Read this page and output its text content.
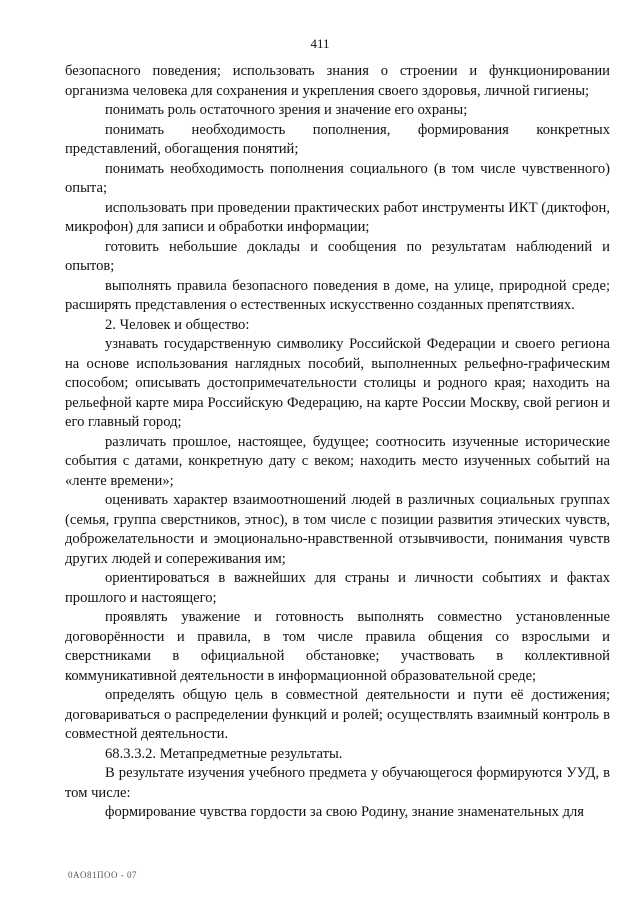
411

безопасного поведения; использовать знания о строении и функционировании организма человека для сохранения и укрепления своего здоровья, личной гигиены;

понимать роль остаточного зрения и значение его охраны;

понимать необходимость пополнения, формирования конкретных представлений, обогащения понятий;

понимать необходимость пополнения социального (в том числе чувственного) опыта;

использовать при проведении практических работ инструменты ИКТ (диктофон, микрофон) для записи и обработки информации;

готовить небольшие доклады и сообщения по результатам наблюдений и опытов;

выполнять правила безопасного поведения в доме, на улице, природной среде; расширять представления о естественных искусственно созданных препятствиях.

2. Человек и общество:

узнавать государственную символику Российской Федерации и своего региона на основе использования наглядных пособий, выполненных рельефно-графическим способом; описывать достопримечательности столицы и родного края; находить на рельефной карте мира Российскую Федерацию, на карте России Москву, свой регион и его главный город;

различать прошлое, настоящее, будущее; соотносить изученные исторические события с датами, конкретную дату с веком; находить место изученных событий на «ленте времени»;

оценивать характер взаимоотношений людей в различных социальных группах (семья, группа сверстников, этнос), в том числе с позиции развития этических чувств, доброжелательности и эмоционально-нравственной отзывчивости, понимания чувств других людей и сопереживания им;

ориентироваться в важнейших для страны и личности событиях и фактах прошлого и настоящего;

проявлять уважение и готовность выполнять совместно установленные договорённости и правила, в том числе правила общения со взрослыми и сверстниками в официальной обстановке; участвовать в коллективной коммуникативной деятельности в информационной образовательной среде;

определять общую цель в совместной деятельности и пути её достижения; договариваться о распределении функций и ролей; осуществлять взаимный контроль в совместной деятельности.

68.3.3.2. Метапредметные результаты.

В результате изучения учебного предмета у обучающегося формируются УУД, в том числе:

формирование чувства гордости за свою Родину, знание знаменательных для

0AO81ПОО - 07
